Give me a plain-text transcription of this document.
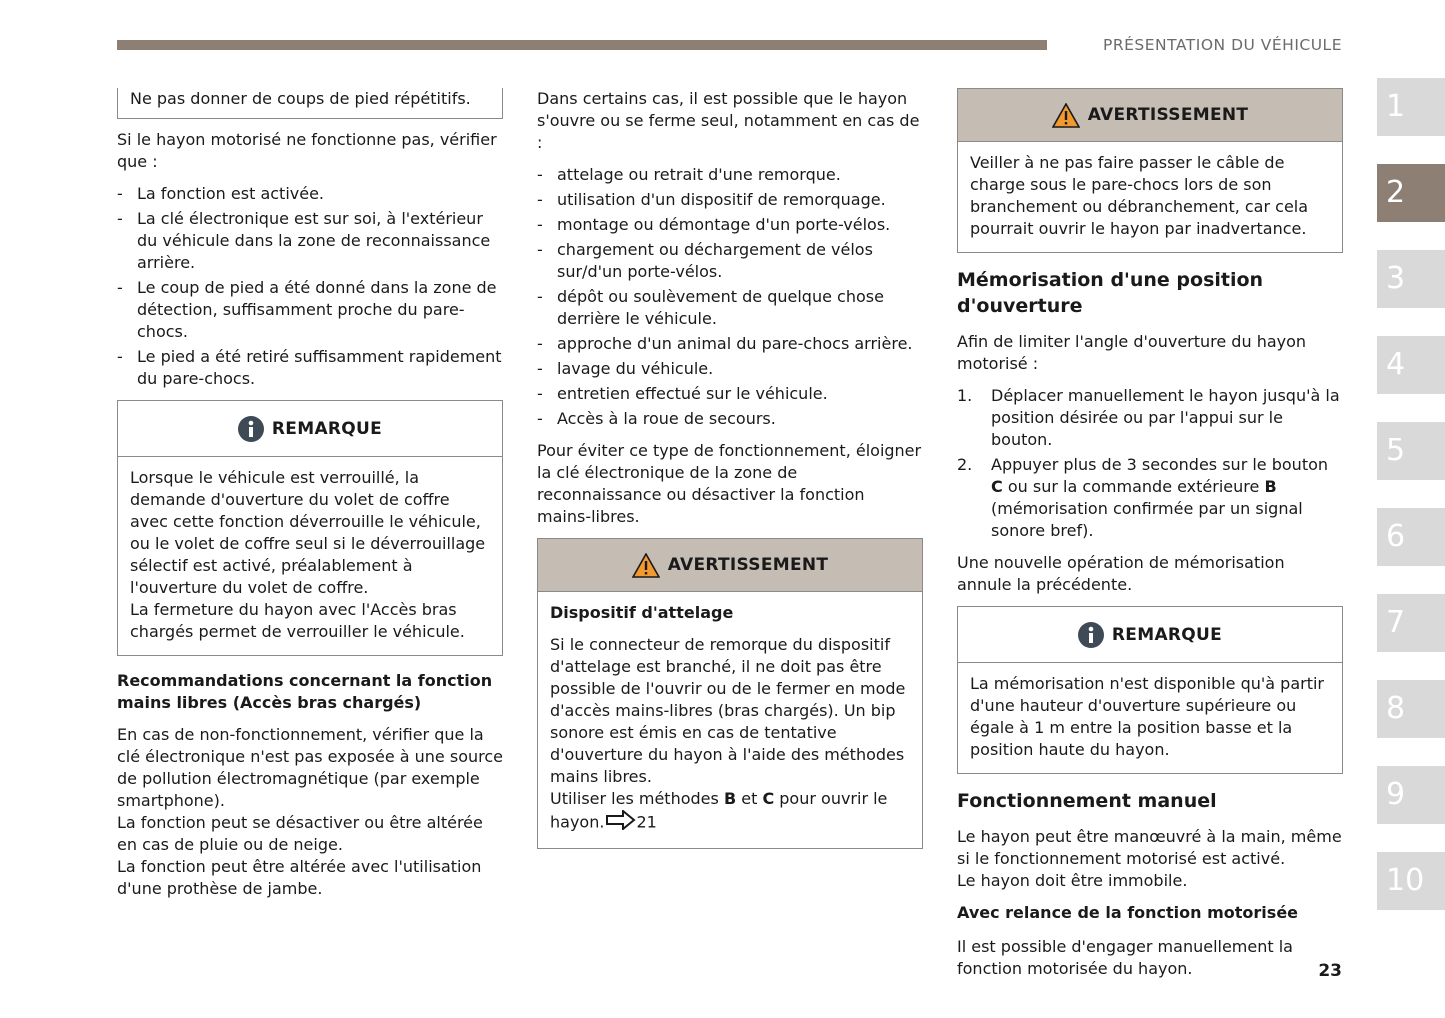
PRÉSENTATION DU VÉHICULE
1
2
3
4
5
6
7
8
9
10

Ne pas donner de coups de pied répétitifs.

Si le hayon motorisé ne fonctionne pas, vérifier que :

- La fonction est activée.
- La clé électronique est sur soi, à l'extérieur du véhicule dans la zone de reconnaissance arrière.
- Le coup de pied a été donné dans la zone de détection, suffisamment proche du pare-chocs.
- Le pied a été retiré suffisamment rapidement du pare-chocs.
REMARQUE
Lorsque le véhicule est verrouillé, la demande d'ouverture du volet de coffre avec cette fonction déverrouille le véhicule, ou le volet de coffre seul si le déverrouillage sélectif est activé, préalablement à l'ouverture du volet de coffre.
La fermeture du hayon avec l'Accès bras chargés permet de verrouiller le véhicule.
Recommandations concernant la fonction mains libres (Accès bras chargés)
En cas de non-fonctionnement, vérifier que la clé électronique n'est pas exposée à une source de pollution électromagnétique (par exemple smartphone).
La fonction peut se désactiver ou être altérée en cas de pluie ou de neige.
La fonction peut être altérée avec l'utilisation d'une prothèse de jambe.

Dans certains cas, il est possible que le hayon s'ouvre ou se ferme seul, notamment en cas de :

- attelage ou retrait d'une remorque.
- utilisation d'un dispositif de remorquage.
- montage ou démontage d'un porte-vélos.
- chargement ou déchargement de vélos sur/d'un porte-vélos.
- dépôt ou soulèvement de quelque chose derrière le véhicule.
- approche d'un animal du pare-chocs arrière.
- lavage du véhicule.
- entretien effectué sur le véhicule.
- Accès à la roue de secours.

Pour éviter ce type de fonctionnement, éloigner la clé électronique de la zone de reconnaissance ou désactiver la fonction mains-libres.

AVERTISSEMENT
Dispositif d'attelage
Si le connecteur de remorque du dispositif d'attelage est branché, il ne doit pas être possible de l'ouvrir ou de le fermer en mode d'accès mains-libres (bras chargés). Un bip sonore est émis en cas de tentative d'ouverture du hayon à l'aide des méthodes mains libres.
Utiliser les méthodes B et C pour ouvrir le hayon. 21
AVERTISSEMENT
Veiller à ne pas faire passer le câble de charge sous le pare-chocs lors de son branchement ou débranchement, car cela pourrait ouvrir le hayon par inadvertance.
Mémorisation d'une position d'ouverture

Afin de limiter l'angle d'ouverture du hayon motorisé :

1. Déplacer manuellement le hayon jusqu'à la position désirée ou par l'appui sur le bouton.
2. Appuyer plus de 3 secondes sur le bouton C ou sur la commande extérieure B (mémorisation confirmée par un signal sonore bref).

Une nouvelle opération de mémorisation annule la précédente.

REMARQUE
La mémorisation n'est disponible qu'à partir d'une hauteur d'ouverture supérieure ou égale à 1 m entre la position basse et la position haute du hayon.
Fonctionnement manuel
Le hayon peut être manœuvré à la main, même si le fonctionnement motorisé est activé.

Le hayon doit être immobile.

Avec relance de la fonction motorisée

Il est possible d'engager manuellement la fonction motorisée du hayon.	23
